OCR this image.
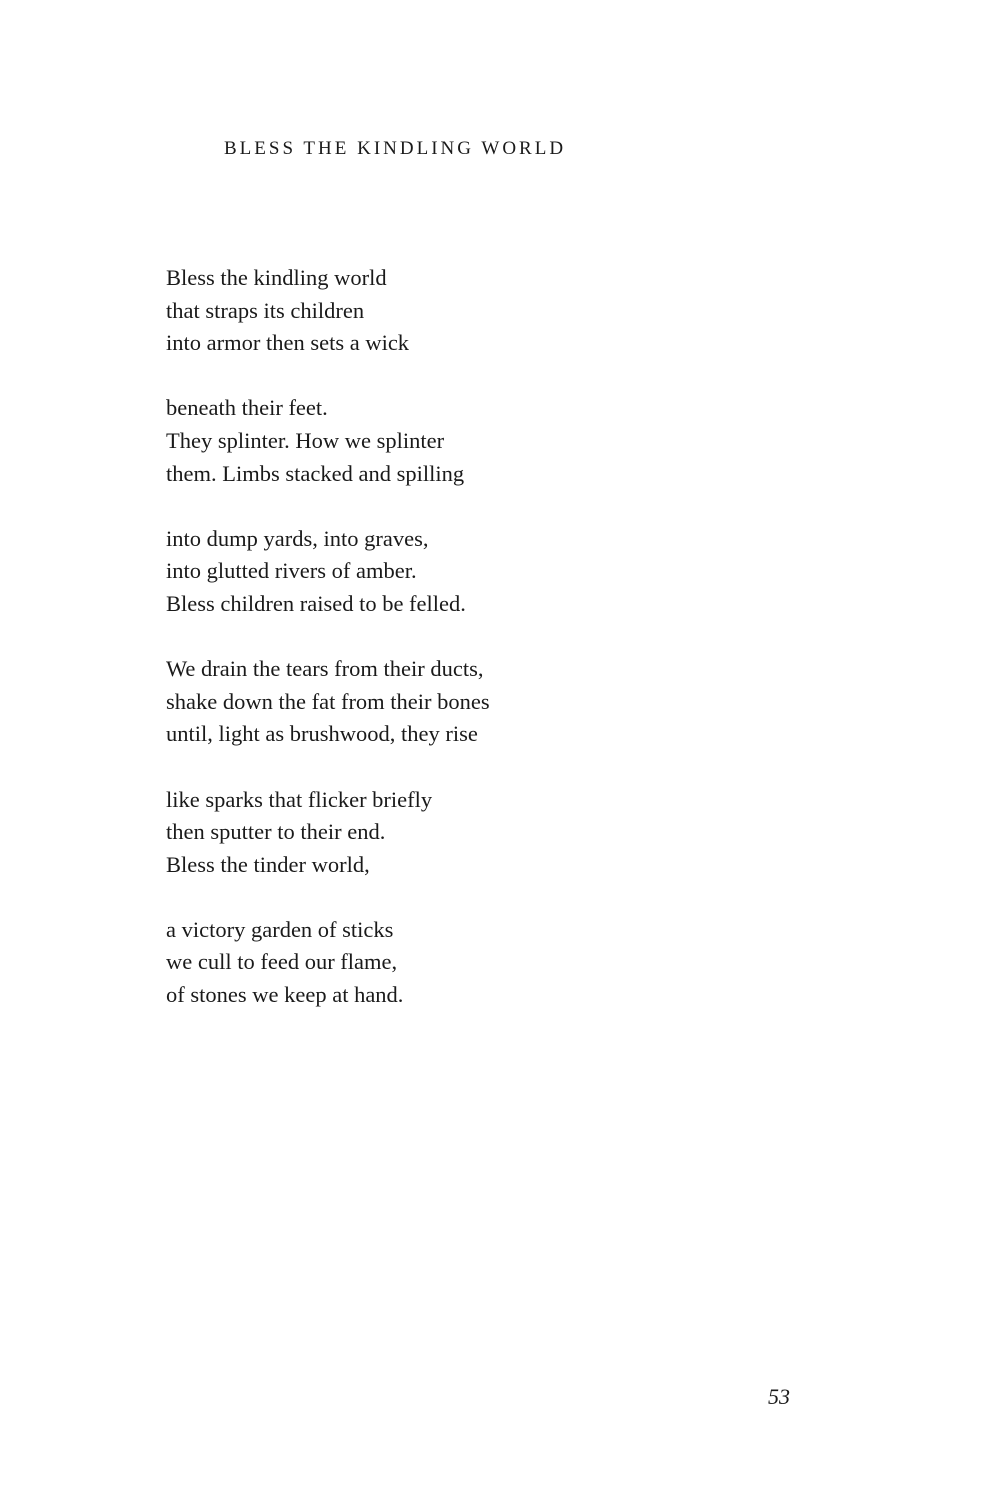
BLESS THE KINDLING WORLD

Bless the kindling world
that straps its children
into armor then sets a wick

beneath their feet.
They splinter. How we splinter
them. Limbs stacked and spilling

into dump yards, into graves,
into glutted rivers of amber.
Bless children raised to be felled.

We drain the tears from their ducts,
shake down the fat from their bones
until, light as brushwood, they rise

like sparks that flicker briefly
then sputter to their end.
Bless the tinder world,

a victory garden of sticks
we cull to feed our flame,
of stones we keep at hand.

53
